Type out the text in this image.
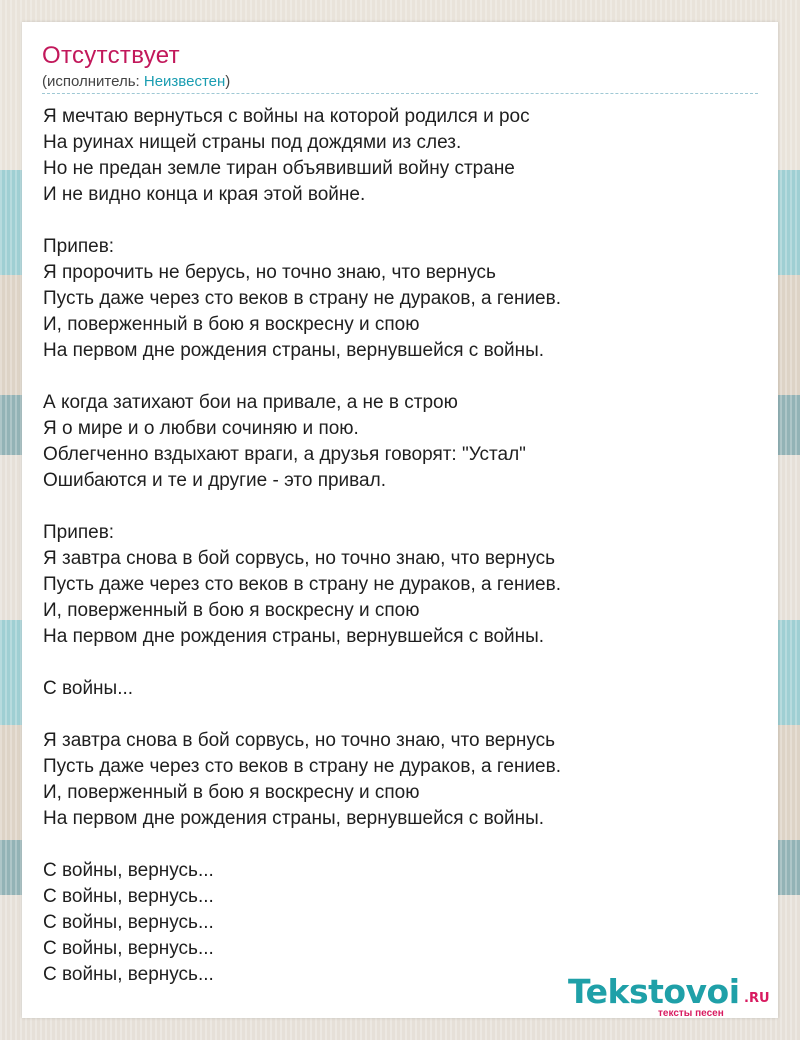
Отсутствует
(исполнитель: Неизвестен)
Я мечтаю вернуться с войны на которой родился и рос
На руинах нищей страны под дождями из слез.
Но не предан земле тиран объявивший войну стране
И не видно конца и края этой войне.
Припев:
Я пророчить не берусь, но точно знаю, что вернусь
Пусть даже через сто веков в страну не дураков, а гениев.
И, поверженный в бою я воскресну и спою
На первом дне рождения страны, вернувшейся с войны.
А когда затихают бои на привале, а не в строю
Я о мире и о любви сочиняю и пою.
Облегченно вздыхают враги, а друзья говорят: "Устал"
Ошибаются и те и другие - это привал.
Припев:
Я завтра снова в бой сорвусь, но точно знаю, что вернусь
Пусть даже через сто веков в страну не дураков, а гениев.
И, поверженный в бою я воскресну и спою
На первом дне рождения страны, вернувшейся с войны.
С войны...
Я завтра снова в бой сорвусь, но точно знаю, что вернусь
Пусть даже через сто веков в страну не дураков, а гениев.
И, поверженный в бою я воскресну и спою
На первом дне рождения страны, вернувшейся с войны.
С войны, вернусь...
С войны, вернусь...
С войны, вернусь...
С войны, вернусь...
С войны, вернусь...	Tekstovoi .RU
тексты песен
